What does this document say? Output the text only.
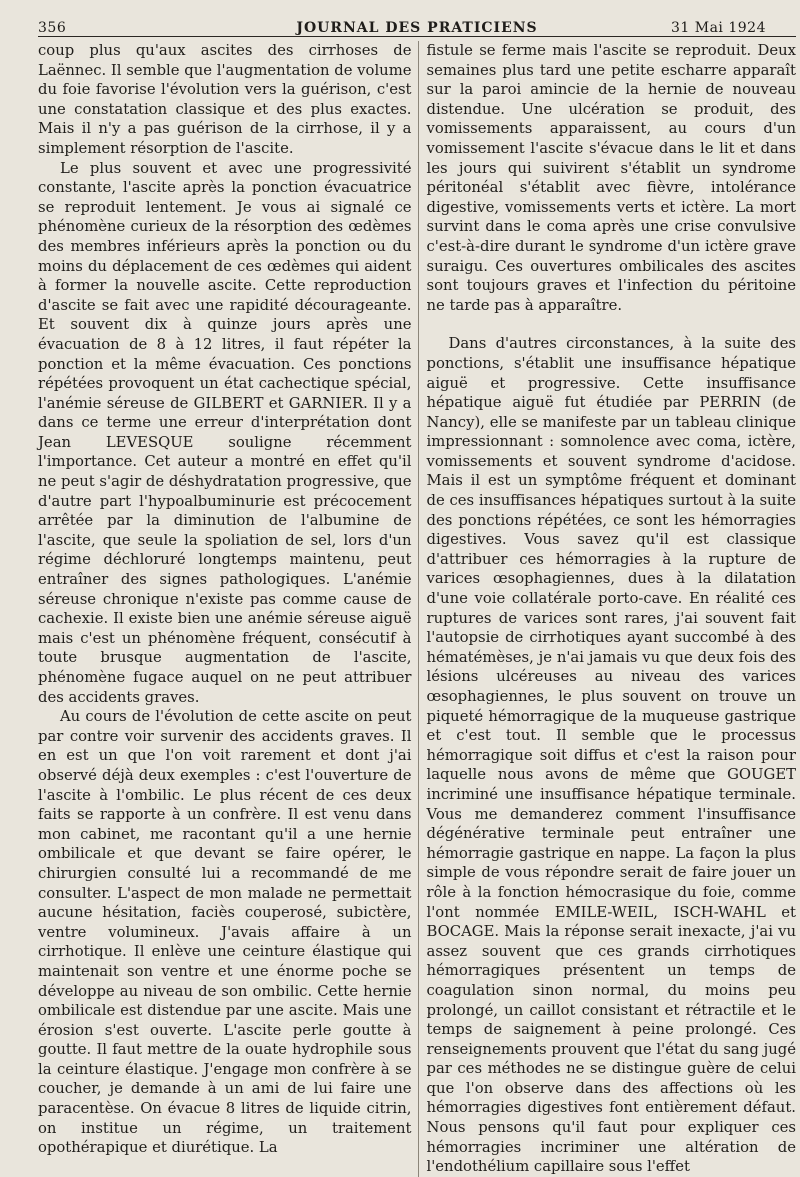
356	JOURNAL DES PRATICIENS	31 Mai 1924

coup plus qu'aux ascites des cirrhoses de Laënnec. Il semble que l'augmentation de volume du foie favorise l'évolution vers la guérison, c'est une constatation classique et des plus exactes. Mais il n'y a pas guérison de la cirrhose, il y a simplement résorption de l'ascite.

Le plus souvent et avec une progressivité constante, l'ascite après la ponction évacuatrice se reproduit lentement. Je vous ai signalé ce phénomène curieux de la résorption des œdèmes des membres inférieurs après la ponction ou du moins du déplacement de ces œdèmes qui aident à former la nouvelle ascite. Cette reproduction d'ascite se fait avec une rapidité décourageante. Et souvent dix à quinze jours après une évacuation de 8 à 12 litres, il faut répéter la ponction et la même évacuation. Ces ponctions répétées provoquent un état cachectique spécial, l'anémie séreuse de GILBERT et GARNIER. Il y a dans ce terme une erreur d'interprétation dont Jean LEVESQUE souligne récemment l'importance. Cet auteur a montré en effet qu'il ne peut s'agir de déshydratation progressive, que d'autre part l'hypoalbuminurie est précocement arrêtée par la diminution de l'albumine de l'ascite, que seule la spoliation de sel, lors d'un régime déchloruré longtemps maintenu, peut entraîner des signes pathologiques. L'anémie séreuse chronique n'existe pas comme cause de cachexie. Il existe bien une anémie séreuse aiguë mais c'est un phénomène fréquent, consécutif à toute brusque augmentation de l'ascite, phénomène fugace auquel on ne peut attribuer des accidents graves.

Au cours de l'évolution de cette ascite on peut par contre voir survenir des accidents graves. Il en est un que l'on voit rarement et dont j'ai observé déjà deux exemples : c'est l'ouverture de l'ascite à l'ombilic. Le plus récent de ces deux faits se rapporte à un confrère. Il est venu dans mon cabinet, me racontant qu'il a une hernie ombilicale et que devant se faire opérer, le chirurgien consulté lui a recommandé de me consulter. L'aspect de mon malade ne permettait aucune hésitation, faciès couperosé, subictère, ventre volumineux. J'avais affaire à un cirrhotique. Il enlève une ceinture élastique qui maintenait son ventre et une énorme poche se développe au niveau de son ombilic. Cette hernie ombilicale est distendue par une ascite. Mais une érosion s'est ouverte. L'ascite perle goutte à goutte. Il faut mettre de la ouate hydrophile sous la ceinture élastique. J'engage mon confrère à se coucher, je demande à un ami de lui faire une paracentèse. On évacue 8 litres de liquide citrin, on institue un régime, un traitement opothérapique et diurétique. La

fistule se ferme mais l'ascite se reproduit. Deux semaines plus tard une petite escharre apparaît sur la paroi amincie de la hernie de nouveau distendue. Une ulcération se produit, des vomissements apparaissent, au cours d'un vomissement l'ascite s'évacue dans le lit et dans les jours qui suivirent s'établit un syndrome péritonéal s'établit avec fièvre, intolérance digestive, vomissements verts et ictère. La mort survint dans le coma après une crise convulsive c'est-à-dire durant le syndrome d'un ictère grave suraigu. Ces ouvertures ombilicales des ascites sont toujours graves et l'infection du péritoine ne tarde pas à apparaître.

Dans d'autres circonstances, à la suite des ponctions, s'établit une insuffisance hépatique aiguë et progressive. Cette insuffisance hépatique aiguë fut étudiée par PERRIN (de Nancy), elle se manifeste par un tableau clinique impressionnant : somnolence avec coma, ictère, vomissements et souvent syndrome d'acidose. Mais il est un symptôme fréquent et dominant de ces insuffisances hépatiques surtout à la suite des ponctions répétées, ce sont les hémorragies digestives. Vous savez qu'il est classique d'attribuer ces hémorragies à la rupture de varices œsophagiennes, dues à la dilatation d'une voie collatérale porto-cave. En réalité ces ruptures de varices sont rares, j'ai souvent fait l'autopsie de cirrhotiques ayant succombé à des hématémèses, je n'ai jamais vu que deux fois des lésions ulcéreuses au niveau des varices œsophagiennes, le plus souvent on trouve un piqueté hémorragique de la muqueuse gastrique et c'est tout. Il semble que le processus hémorragique soit diffus et c'est la raison pour laquelle nous avons de même que GOUGET incriminé une insuffisance hépatique terminale. Vous me demanderez comment l'insuffisance dégénérative terminale peut entraîner une hémorragie gastrique en nappe. La façon la plus simple de vous répondre serait de faire jouer un rôle à la fonction hémocrasique du foie, comme l'ont nommée EMILE-WEIL, ISCH-WAHL et BOCAGE. Mais la réponse serait inexacte, j'ai vu assez souvent que ces grands cirrhotiques hémorragiques présentent un temps de coagulation sinon normal, du moins peu prolongé, un caillot consistant et rétractile et le temps de saignement à peine prolongé. Ces renseignements prouvent que l'état du sang jugé par ces méthodes ne se distingue guère de celui que l'on observe dans des affections où les hémorragies digestives font entièrement défaut. Nous pensons qu'il faut pour expliquer ces hémorragies incriminer une altération de l'endothélium capillaire sous l'effet
